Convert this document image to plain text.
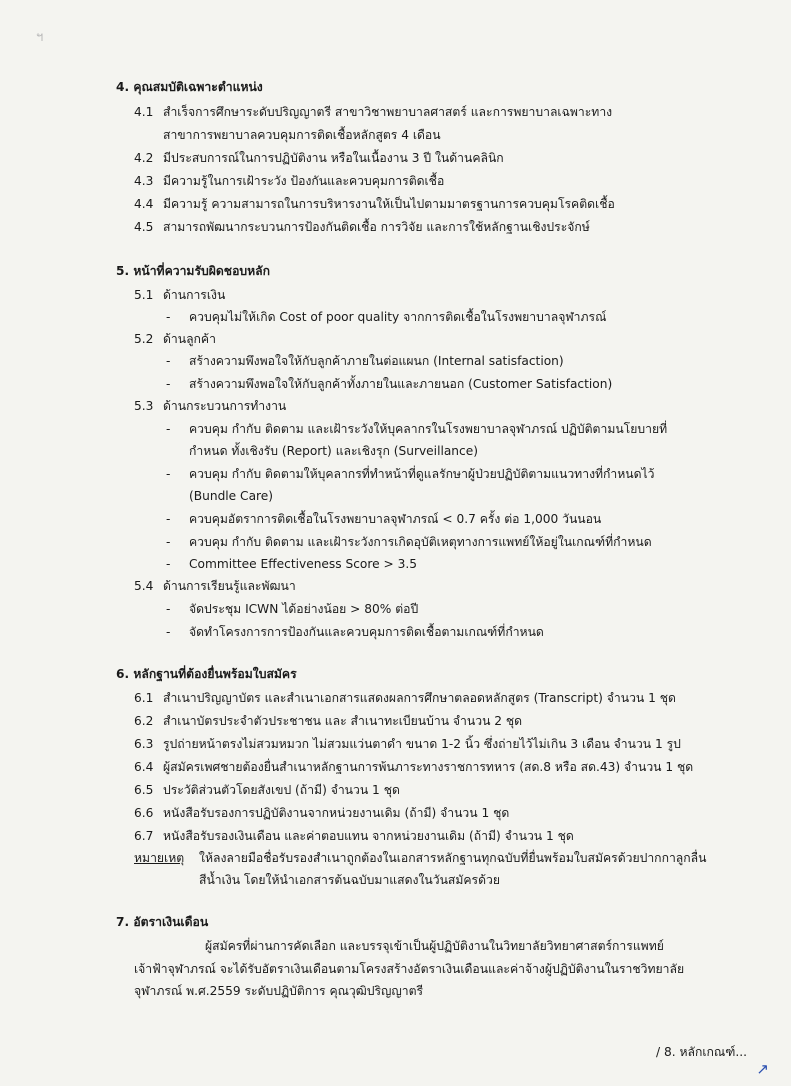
ฯ
4. คุณสมบัติเฉพาะตำแหน่ง
4.1 สำเร็จการศึกษาระดับปริญญาตรี สาขาวิชาพยาบาลศาสตร์ และการพยาบาลเฉพาะทาง
สาขาการพยาบาลควบคุมการติดเชื้อหลักสูตร 4 เดือน
4.2 มีประสบการณ์ในการปฏิบัติงาน หรือในเนื้องาน 3 ปี ในด้านคลินิก
4.3 มีความรู้ในการเฝ้าระวัง ป้องกันและควบคุมการติดเชื้อ
4.4 มีความรู้ ความสามารถในการบริหารงานให้เป็นไปตามมาตรฐานการควบคุมโรคติดเชื้อ
4.5 สามารถพัฒนากระบวนการป้องกันติดเชื้อ การวิจัย และการใช้หลักฐานเชิงประจักษ์
5. หน้าที่ความรับผิดชอบหลัก
5.1 ด้านการเงิน
- ควบคุมไม่ให้เกิด Cost of poor quality จากการติดเชื้อในโรงพยาบาลจุฬาภรณ์
5.2 ด้านลูกค้า
- สร้างความพึงพอใจให้กับลูกค้าภายในต่อแผนก (Internal satisfaction)
- สร้างความพึงพอใจให้กับลูกค้าทั้งภายในและภายนอก (Customer Satisfaction)
5.3 ด้านกระบวนการทำงาน
- ควบคุม กำกับ ติดตาม และเฝ้าระวังให้บุคลากรในโรงพยาบาลจุฬาภรณ์ ปฏิบัติตามนโยบายที่
กำหนด ทั้งเชิงรับ (Report) และเชิงรุก (Surveillance)
- ควบคุม กำกับ ติดตามให้บุคลากรที่ทำหน้าที่ดูแลรักษาผู้ป่วยปฏิบัติตามแนวทางที่กำหนดไว้
(Bundle Care)
- ควบคุมอัตราการติดเชื้อในโรงพยาบาลจุฬาภรณ์ < 0.7 ครั้ง ต่อ 1,000 วันนอน
- ควบคุม กำกับ ติดตาม และเฝ้าระวังการเกิดอุบัติเหตุทางการแพทย์ให้อยู่ในเกณฑ์ที่กำหนด
- Committee Effectiveness Score > 3.5
5.4 ด้านการเรียนรู้และพัฒนา
- จัดประชุม ICWN ได้อย่างน้อย > 80% ต่อปี
- จัดทำโครงการการป้องกันและควบคุมการติดเชื้อตามเกณฑ์ที่กำหนด
6. หลักฐานที่ต้องยื่นพร้อมใบสมัคร
6.1 สำเนาปริญญาบัตร และสำเนาเอกสารแสดงผลการศึกษาตลอดหลักสูตร (Transcript) จำนวน 1 ชุด
6.2 สำเนาบัตรประจำตัวประชาชน และ สำเนาทะเบียนบ้าน จำนวน 2 ชุด
6.3 รูปถ่ายหน้าตรงไม่สวมหมวก ไม่สวมแว่นตาดำ ขนาด 1-2 นิ้ว ซึ่งถ่ายไว้ไม่เกิน 3 เดือน จำนวน 1 รูป
6.4 ผู้สมัครเพศชายต้องยื่นสำเนาหลักฐานการพ้นภาระทางราชการทหาร (สด.8 หรือ สด.43) จำนวน 1 ชุด
6.5 ประวัติส่วนตัวโดยสังเขป (ถ้ามี) จำนวน 1 ชุด
6.6 หนังสือรับรองการปฏิบัติงานจากหน่วยงานเดิม (ถ้ามี) จำนวน 1 ชุด
6.7 หนังสือรับรองเงินเดือน และค่าตอบแทน จากหน่วยงานเดิม (ถ้ามี) จำนวน 1 ชุด
หมายเหตุ ให้ลงลายมือชื่อรับรองสำเนาถูกต้องในเอกสารหลักฐานทุกฉบับที่ยื่นพร้อมใบสมัครด้วยปากกาลูกลื่น
สีน้ำเงิน โดยให้นำเอกสารต้นฉบับมาแสดงในวันสมัครด้วย
7. อัตราเงินเดือน
ผู้สมัครที่ผ่านการคัดเลือก และบรรจุเข้าเป็นผู้ปฏิบัติงานในวิทยาลัยวิทยาศาสตร์การแพทย์
เจ้าฟ้าจุฬาภรณ์ จะได้รับอัตราเงินเดือนตามโครงสร้างอัตราเงินเดือนและค่าจ้างผู้ปฏิบัติงานในราชวิทยาลัย
จุฬาภรณ์ พ.ศ.2559 ระดับปฏิบัติการ คุณวุฒิปริญญาตรี
/ 8. หลักเกณฑ์...
↗
